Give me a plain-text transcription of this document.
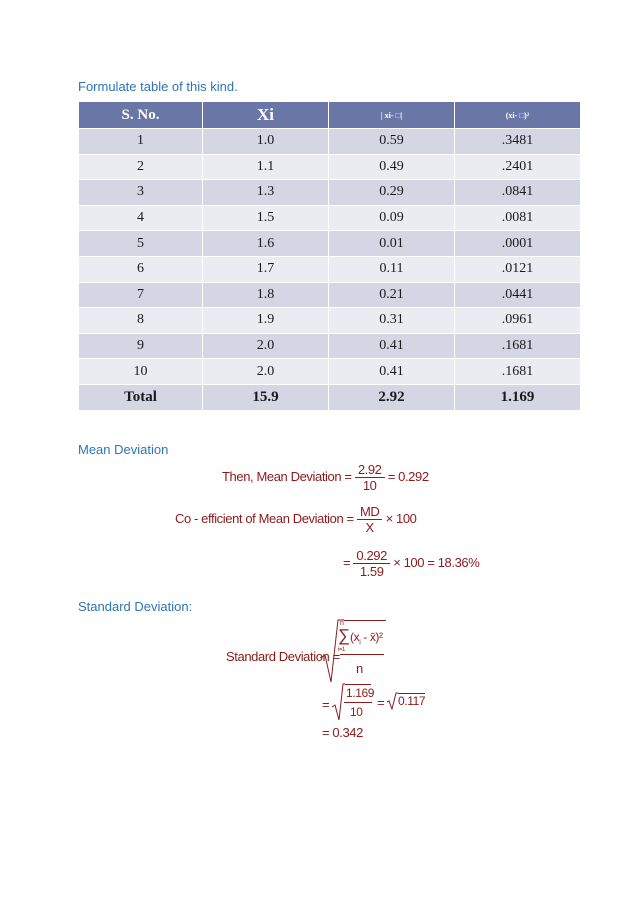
Formulate table of this kind.
S. No.	Xi	| xi- □|	(xi- □)²
1	1.0	0.59	.3481
2	1.1	0.49	.2401
3	1.3	0.29	.0841
4	1.5	0.09	.0081
5	1.6	0.01	.0001
6	1.7	0.11	.0121
7	1.8	0.21	.0441
8	1.9	0.31	.0961
9	2.0	0.41	.1681
10	2.0	0.41	.1681
Total	15.9	2.92	1.169
Mean Deviation
Then, Mean Deviation = $\frac{2.92}{10} = 0.292$
Co - efficient of Mean Deviation = $\frac{MD}{X} \times 100$
= $\frac{0.292}{1.59} \times 100 = 18.36\%$
Standard Deviation:
Standard Deviation =
n
∑
i=1
($x_i$ - x̄)²
n
=
1.169
10
= 0.117
= 0.342
